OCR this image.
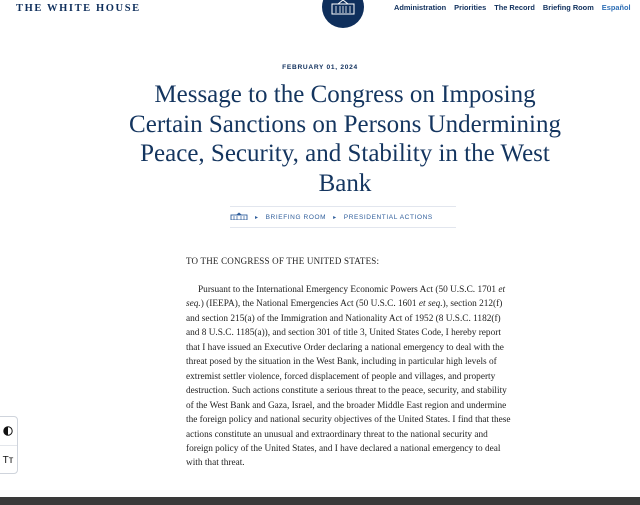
THE WHITE HOUSE	Administration Priorities The Record Briefing Room Español
FEBRUARY 01, 2024
Message to the Congress on Imposing Certain Sanctions on Persons Undermining Peace, Security, and Stability in the West Bank
▸ BRIEFING ROOM ▸ PRESIDENTIAL ACTIONS

TO THE CONGRESS OF THE UNITED STATES:

Pursuant to the International Emergency Economic Powers Act (50 U.S.C. 1701 et seq.) (IEEPA), the National Emergencies Act (50 U.S.C. 1601 et seq.), section 212(f) and section 215(a) of the Immigration and Nationality Act of 1952 (8 U.S.C. 1182(f) and 8 U.S.C. 1185(a)), and section 301 of title 3, United States Code, I hereby report that I have issued an Executive Order declaring a national emergency to deal with the threat posed by the situation in the West Bank, including in particular high levels of extremist settler violence, forced displacement of people and villages, and property destruction. Such actions constitute a serious threat to the peace, security, and stability of the West Bank and Gaza, Israel, and the broader Middle East region and undermine the foreign policy and national security objectives of the United States. I find that these actions constitute an unusual and extraordinary threat to the national security and foreign policy of the United States, and I have declared a national emergency to deal with that threat.

Tт
